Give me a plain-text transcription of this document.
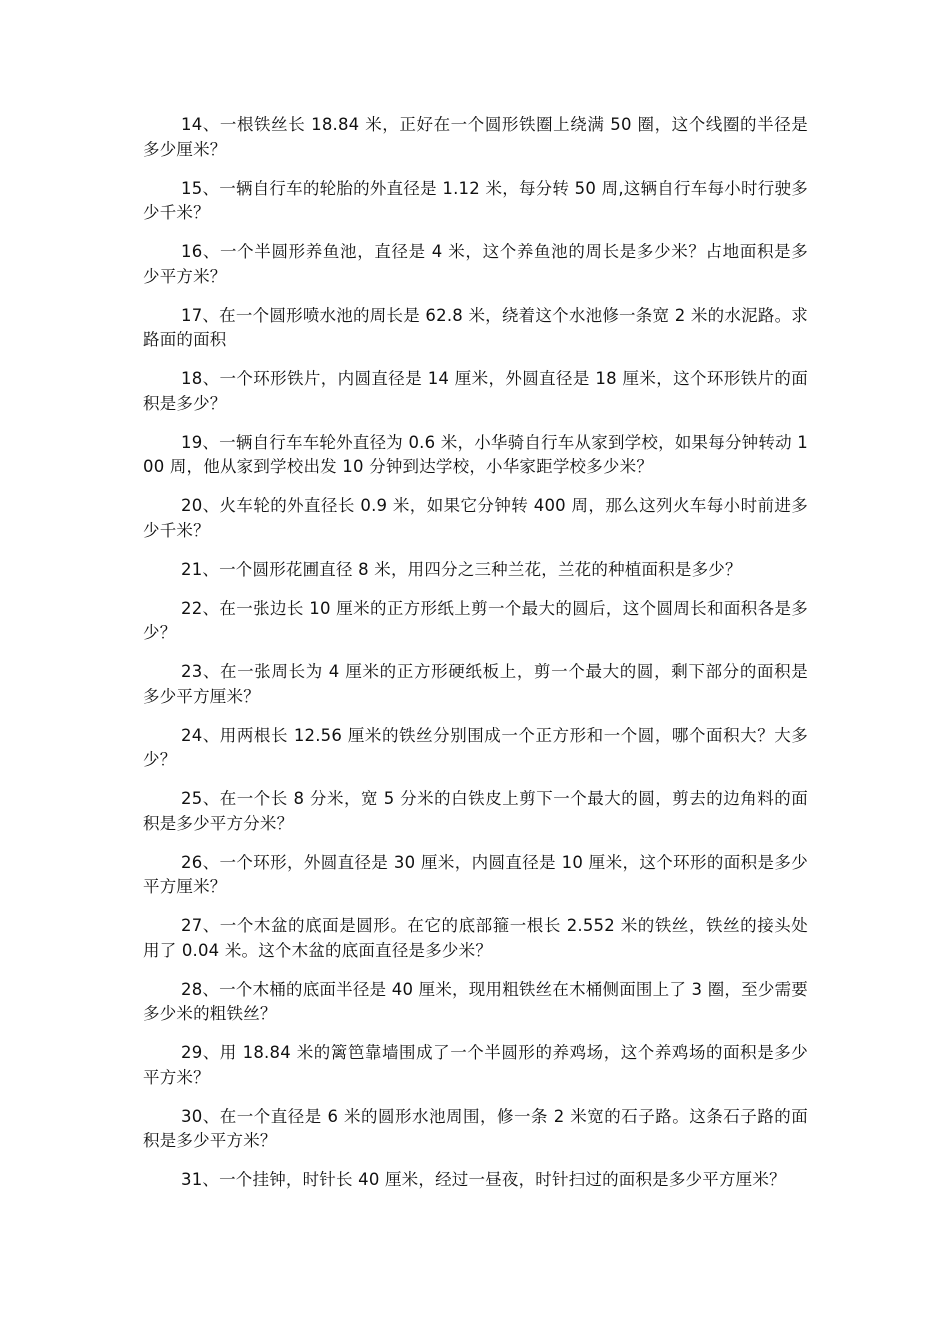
14、一根铁丝长 18.84 米，正好在一个圆形铁圈上绕满 50 圈，这个线圈的半径是多少厘米？

15、一辆自行车的轮胎的外直径是 1.12 米，每分转 50 周,这辆自行车每小时行驶多少千米？

16、一个半圆形养鱼池，直径是 4 米，这个养鱼池的周长是多少米？占地面积是多少平方米？

17、在一个圆形喷水池的周长是 62.8 米，绕着这个水池修一条宽 2 米的水泥路。求路面的面积

18、一个环形铁片，内圆直径是 14 厘米，外圆直径是 18 厘米，这个环形铁片的面积是多少？

19、一辆自行车车轮外直径为 0.6 米，小华骑自行车从家到学校，如果每分钟转动 100 周，他从家到学校出发 10 分钟到达学校，小华家距学校多少米？

20、火车轮的外直径长 0.9 米，如果它分钟转 400 周，那么这列火车每小时前进多少千米？

21、一个圆形花圃直径 8 米，用四分之三种兰花，兰花的种植面积是多少？

22、在一张边长 10 厘米的正方形纸上剪一个最大的圆后，这个圆周长和面积各是多少？

23、在一张周长为 4 厘米的正方形硬纸板上，剪一个最大的圆，剩下部分的面积是多少平方厘米？

24、用两根长 12.56 厘米的铁丝分别围成一个正方形和一个圆，哪个面积大？大多少？

25、在一个长 8 分米，宽 5 分米的白铁皮上剪下一个最大的圆，剪去的边角料的面积是多少平方分米？

26、一个环形，外圆直径是 30 厘米，内圆直径是 10 厘米，这个环形的面积是多少平方厘米？

27、一个木盆的底面是圆形。在它的底部箍一根长 2.552 米的铁丝，铁丝的接头处用了 0.04 米。这个木盆的底面直径是多少米？

28、一个木桶的底面半径是 40 厘米，现用粗铁丝在木桶侧面围上了 3 圈，至少需要多少米的粗铁丝？

29、用 18.84 米的篱笆靠墙围成了一个半圆形的养鸡场，这个养鸡场的面积是多少平方米？

30、在一个直径是 6 米的圆形水池周围，修一条 2 米宽的石子路。这条石子路的面积是多少平方米？

31、一个挂钟，时针长 40 厘米，经过一昼夜，时针扫过的面积是多少平方厘米？
